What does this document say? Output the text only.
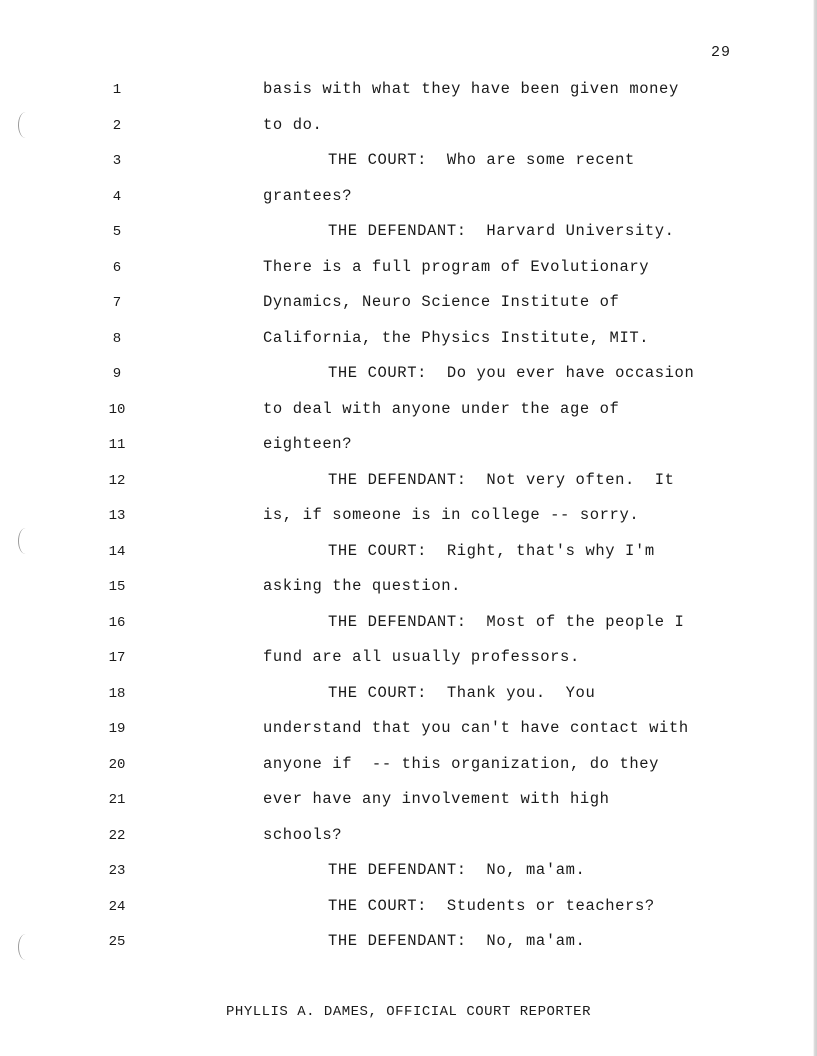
29
1	basis with what they have been given money
2	to do.
3	THE COURT:  Who are some recent
4	grantees?
5	THE DEFENDANT:  Harvard University.
6	There is a full program of Evolutionary
7	Dynamics, Neuro Science Institute of
8	California, the Physics Institute, MIT.
9	THE COURT:  Do you ever have occasion
10	to deal with anyone under the age of
11	eighteen?
12	THE DEFENDANT:  Not very often.  It
13	is, if someone is in college -- sorry.
14	THE COURT:  Right, that's why I'm
15	asking the question.
16	THE DEFENDANT:  Most of the people I
17	fund are all usually professors.
18	THE COURT:  Thank you.  You
19	understand that you can't have contact with
20	anyone if  -- this organization, do they
21	ever have any involvement with high
22	schools?
23	THE DEFENDANT:  No, ma'am.
24	THE COURT:  Students or teachers?
25	THE DEFENDANT:  No, ma'am.
PHYLLIS A. DAMES, OFFICIAL COURT REPORTER
